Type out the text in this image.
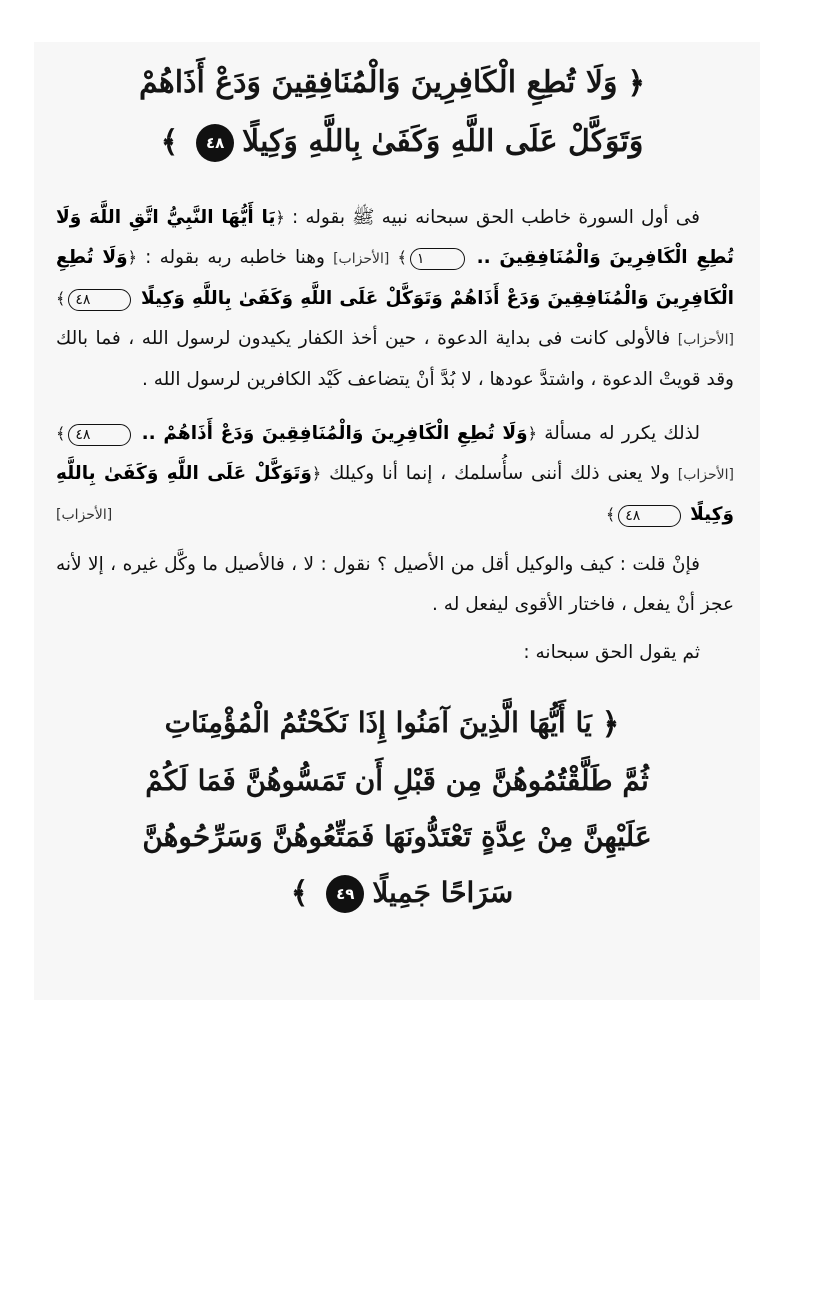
﴿وَلَا تُطِعِ الْكَافِرِينَ وَالْمُنَافِقِينَ وَدَعْ أَذَاهُمْ
وَتَوَكَّلْ عَلَى اللَّهِ وَكَفَىٰ بِاللَّهِ وَكِيلًا٤٨﴾

فى أول السورة خاطب الحق سبحانه نبيه ﷺ بقوله : ﴿يَا أَيُّهَا النَّبِيُّ اتَّقِ اللَّهَ وَلَا تُطِعِ الْكَافِرِينَ وَالْمُنَافِقِينَ .. ١﴾ [الأحزاب] وهنا خاطبه ربه بقوله : ﴿وَلَا تُطِعِ الْكَافِرِينَ وَالْمُنَافِقِينَ وَدَعْ أَذَاهُمْ وَتَوَكَّلْ عَلَى اللَّهِ وَكَفَىٰ بِاللَّهِ وَكِيلًا ٤٨﴾ [الأحزاب] فالأولى كانت فى بداية الدعوة ، حين أخذ الكفار يكيدون لرسول الله ، فما بالك وقد قويتْ الدعوة ، واشتدَّ عودها ، لا بُدَّ أنْ يتضاعف كَيْد الكافرين لرسول الله .

لذلك يكرر له مسألة ﴿وَلَا تُطِعِ الْكَافِرِينَ وَالْمُنَافِقِينَ وَدَعْ أَذَاهُمْ .. ٤٨﴾ [الأحزاب] ولا يعنى ذلك أننى سأُسلمك ، إنما أنا وكيلك ﴿وَتَوَكَّلْ عَلَى اللَّهِ وَكَفَىٰ بِاللَّهِ وَكِيلًا ٤٨﴾
[الأحزاب]

فإنْ قلت : كيف والوكيل أقل من الأصيل ؟ نقول : لا ، فالأصيل ما وكَّل غيره ، إلا لأنه عجز أنْ يفعل ، فاختار الأقوى ليفعل له .

ثم يقول الحق سبحانه :

﴿يَا أَيُّهَا الَّذِينَ آمَنُوا إِذَا نَكَحْتُمُ الْمُؤْمِنَاتِ
ثُمَّ طَلَّقْتُمُوهُنَّ مِن قَبْلِ أَن تَمَسُّوهُنَّ فَمَا لَكُمْ
عَلَيْهِنَّ مِنْ عِدَّةٍ تَعْتَدُّونَهَا فَمَتِّعُوهُنَّ وَسَرِّحُوهُنَّ
سَرَاحًا جَمِيلًا٤٩﴾
